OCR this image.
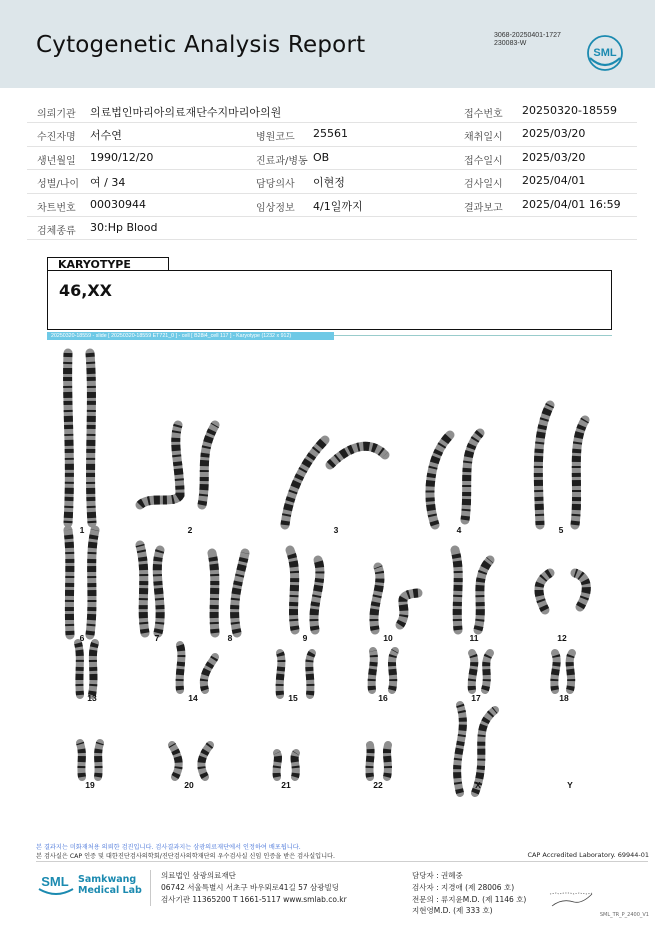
Cytogenetic Analysis Report	3068-20250401-1727
230083-W
SML
의뢰기관 의료법인마리아의료재단수지마리아의원	접수번호 20250320-18559
수진자명 서수연	병원코드 25561	채취일시 2025/03/20
생년월일 1990/12/20	진료과/병동 OB	접수일시 2025/03/20
성별/나이 여 / 34	담당의사 이현정	검사일시 2025/04/01
차트번호 00030944	임상정보 4/1일까지	결과보고 2025/04/01 16:59
검체종류 30:Hp Blood
KARYOTYPE
46,XX
20250320-18559 - slide [ 20250320-18559 ET721_0 ] - cell [ B28i4_cell 117 ] - Karyotype (1232 x 912)
1	2	3	4	5
6	7	8	9	10	11	12
13	14	15	16	17	18
19	20	21	22	X	Y
본 결과지는 미화재처용 의뢰한 검진입니다. 검사결과지는 삼광의료재단에서 인정하여 배포됩니다.
본 검사실은 CAP 인증 및 대한진단검사의학회/진단검사의학재단의 우수검사실 신임 인증을 받은 검사실입니다.	CAP Accredited Laboratory. 69944-01
SML Samkwang
Medical Lab
의료법인 삼광의료재단
06742 서울특별시 서초구 바우뫼로41길 57 삼광빌딩
검사기관 11365200 T 1661-5117 www.smlab.co.kr
담당자 : 권혜중
검사자 : 지경애 (제 28006 호)
전문의 : 류지윤M.D. (제 1146 호)
지현영M.D. (제 333 호)	SML_TR_P_2400_V1
